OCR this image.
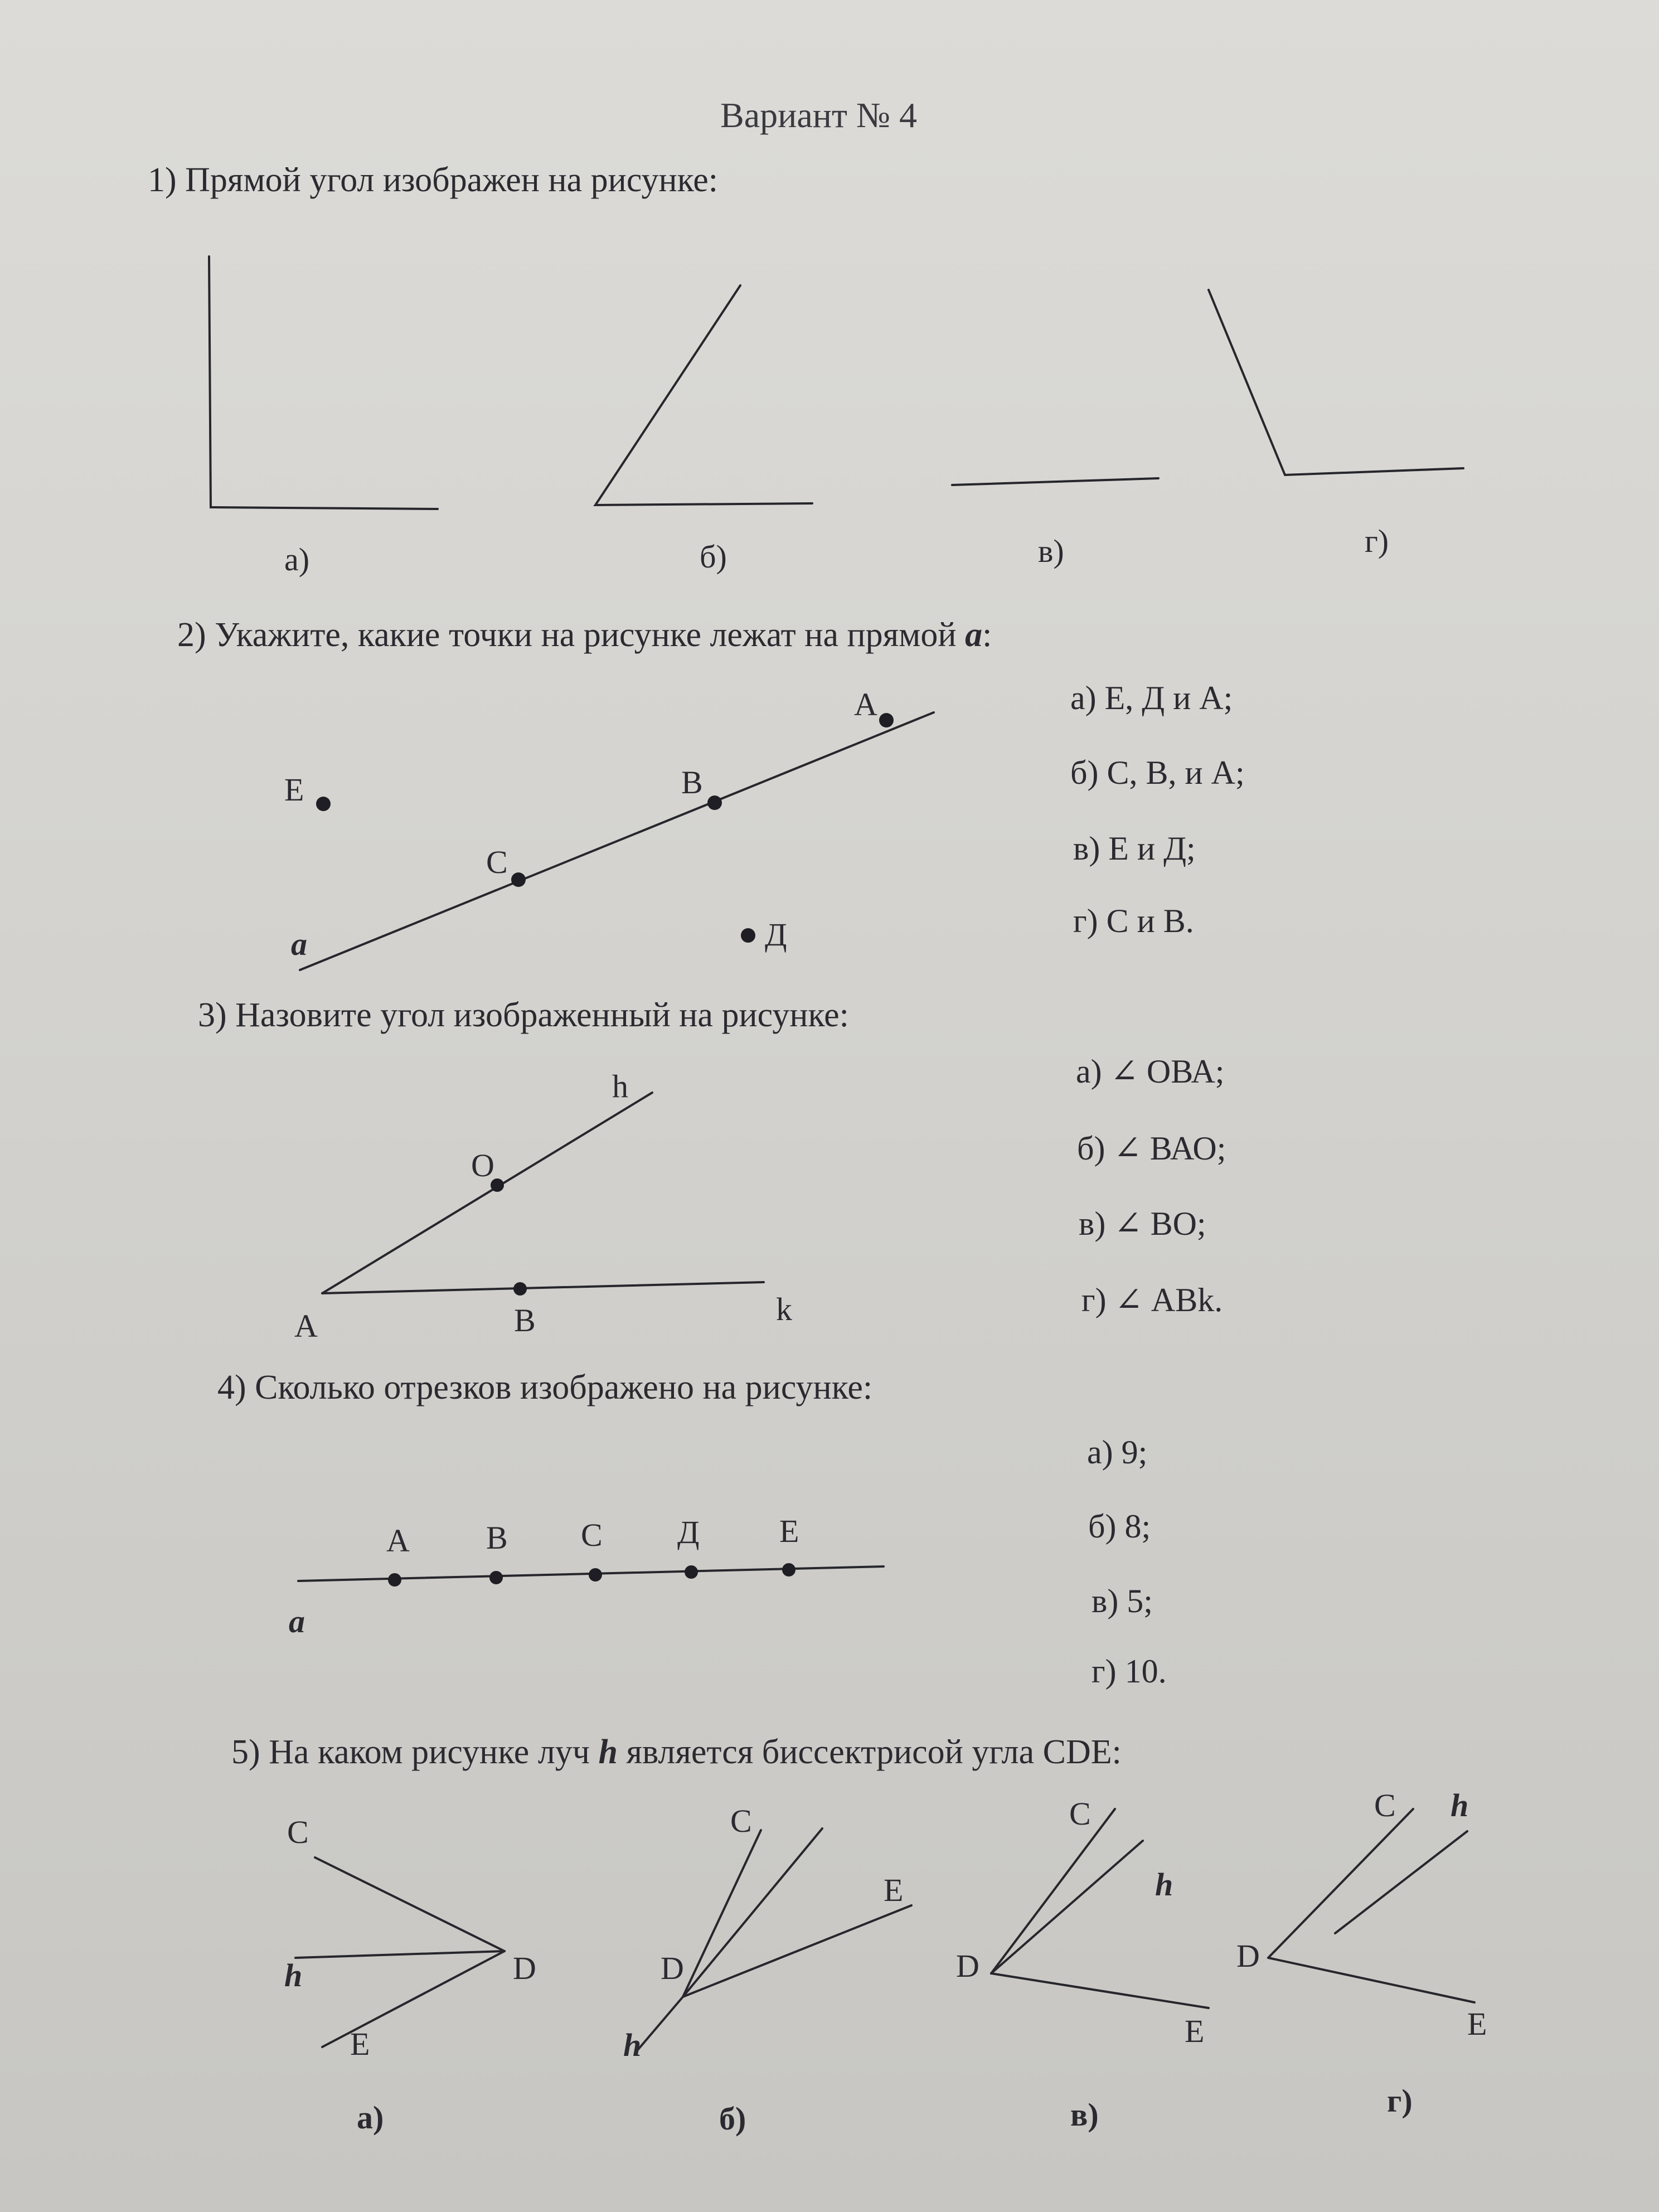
Вариант № 4
1) Прямой угол изображен на рисунке:
а)	б)	в)	г)
2) Укажите, какие точки на рисунке лежат на прямой а:
Е
А
В
С
Д
а
а) Е, Д и А;
б) С, В, и А;
в) Е и Д;
г) С и В.
3) Назовите угол изображенный на рисунке:
h
О
А	В	k
а) ∠ ОВА;
б) ∠ ВАО;
в) ∠ ВО;
г) ∠ АВk.
4) Сколько отрезков изображено на рисунке:
А В С Д Е
а
а) 9;
б) 8;
в) 5;
г) 10.
5) На каком рисунке луч h является биссектрисой угла СDЕ:
С
D
Е
h
а)
С
D
Е
h
б)
С
D
Е
h
в)
С
D
Е
h
г)
